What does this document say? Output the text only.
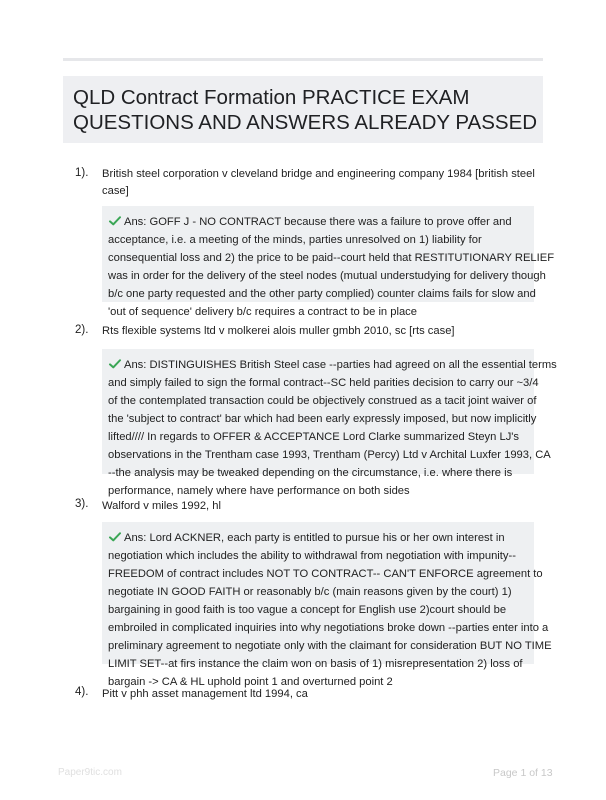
QLD Contract Formation PRACTICE EXAM
QUESTIONS AND ANSWERS ALREADY PASSED
1). British steel corporation v cleveland bridge and engineering company 1984 [british steel
case]
Ans: GOFF J - NO CONTRACT because there was a failure to prove offer and
acceptance, i.e. a meeting of the minds, parties unresolved on 1) liability for
consequential loss and 2) the price to be paid--court held that RESTITUTIONARY RELIEF
was in order for the delivery of the steel nodes (mutual understudying for delivery though
b/c one party requested and the other party complied) counter claims fails for slow and
'out of sequence' delivery b/c requires a contract to be in place
2). Rts flexible systems ltd v molkerei alois muller gmbh 2010, sc [rts case]
Ans: DISTINGUISHES British Steel case --parties had agreed on all the essential terms
and simply failed to sign the formal contract--SC held parities decision to carry our ~3/4
of the contemplated transaction could be objectively construed as a tacit joint waiver of
the 'subject to contract' bar which had been early expressly imposed, but now implicitly
lifted//// In regards to OFFER & ACCEPTANCE Lord Clarke summarized Steyn LJ's
observations in the Trentham case 1993, Trentham (Percy) Ltd v Archital Luxfer 1993, CA
--the analysis may be tweaked depending on the circumstance, i.e. where there is
performance, namely where have performance on both sides
3). Walford v miles 1992, hl
Ans: Lord ACKNER, each party is entitled to pursue his or her own interest in
negotiation which includes the ability to withdrawal from negotiation with impunity--
FREEDOM of contract includes NOT TO CONTRACT-- CAN'T ENFORCE agreement to
negotiate IN GOOD FAITH or reasonably b/c (main reasons given by the court) 1)
bargaining in good faith is too vague a concept for English use 2)court should be
embroiled in complicated inquiries into why negotiations broke down --parties enter into a
preliminary agreement to negotiate only with the claimant for consideration BUT NO TIME
LIMIT SET--at firs instance the claim won on basis of 1) misrepresentation 2) loss of
bargain -> CA & HL uphold point 1 and overturned point 2
4). Pitt v phh asset management ltd 1994, ca
Paper9tic.com	Page 1 of 13
